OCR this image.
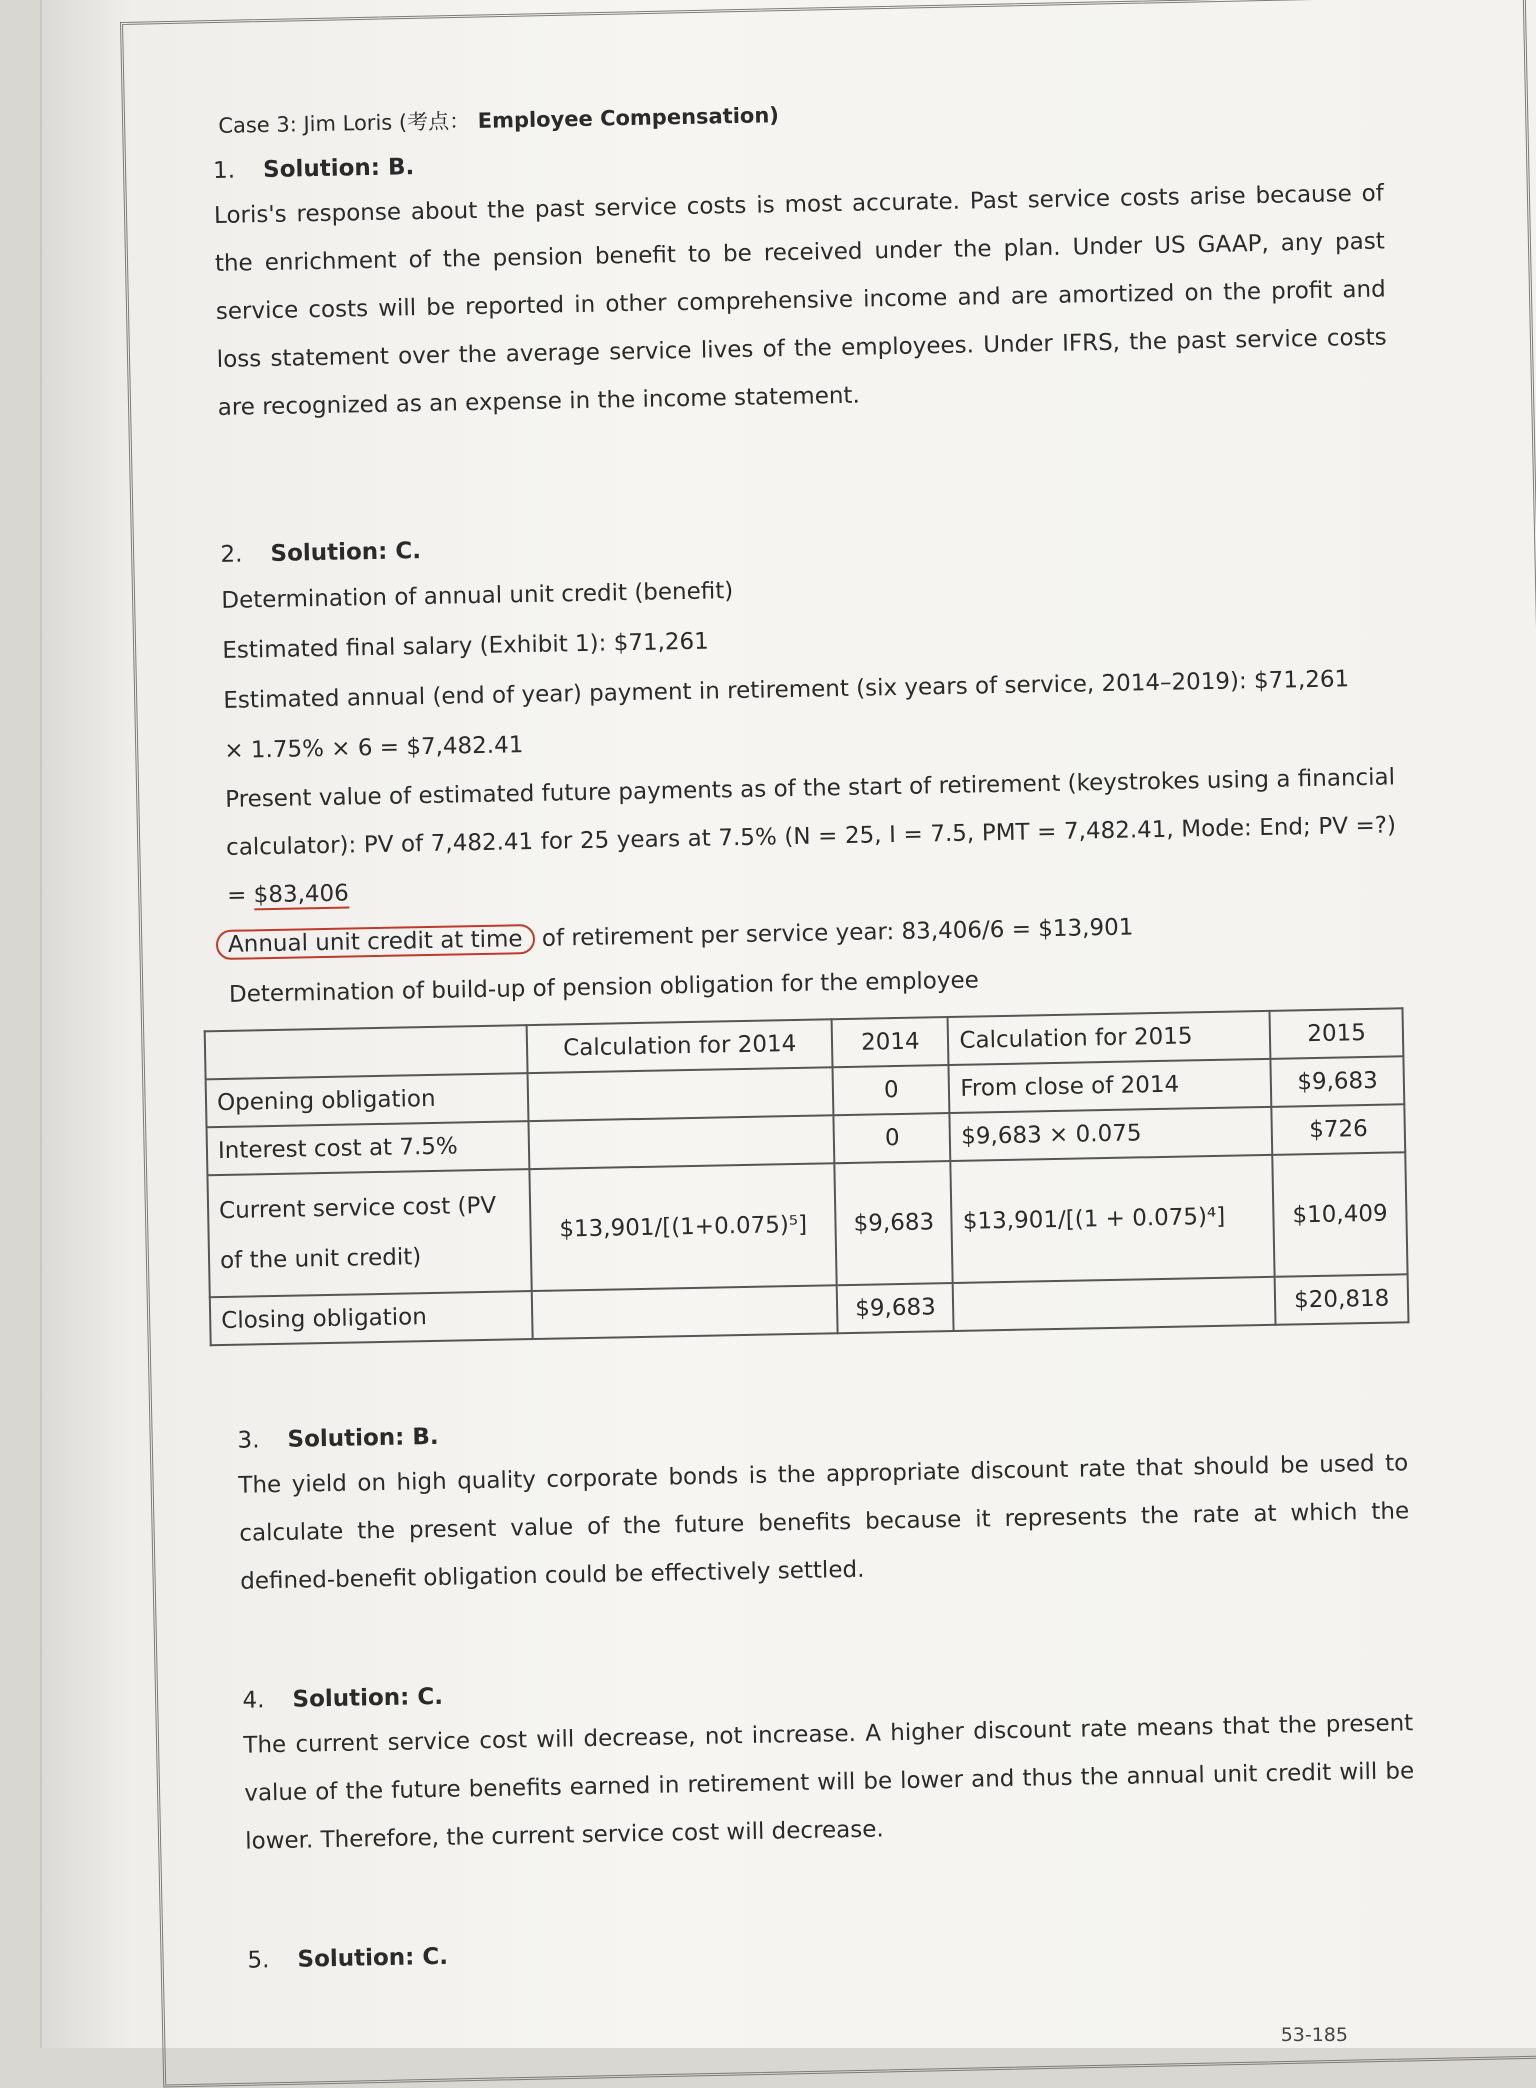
Case 3: Jim Loris (考点： Employee Compensation)
1. Solution: B.

Loris's response about the past service costs is most accurate. Past service costs arise because of the enrichment of the pension benefit to be received under the plan. Under US GAAP, any past service costs will be reported in other comprehensive income and are amortized on the profit and loss statement over the average service lives of the employees. Under IFRS, the past service costs are recognized as an expense in the income statement.

2. Solution: C.
Determination of annual unit credit (benefit)
Estimated final salary (Exhibit 1): $71,261
Estimated annual (end of year) payment in retirement (six years of service, 2014–2019): $71,261
× 1.75% × 6 = $7,482.41

Present value of estimated future payments as of the start of retirement (keystrokes using a financial calculator): PV of 7,482.41 for 25 years at 7.5% (N = 25, I = 7.5, PMT = 7,482.41, Mode: End; PV =?) = $83,406

Annual unit credit at time of retirement per service year: 83,406/6 = $13,901
Determination of build-up of pension obligation for the employee
	Calculation for 2014	2014	Calculation for 2015	2015
Opening obligation		0	From close of 2014	$9,683
Interest cost at 7.5%		0	$9,683 × 0.075	$726
Current service cost (PV of the unit credit)	$13,901/[(1+0.075)⁵]	$9,683	$13,901/[(1 + 0.075)⁴]	$10,409
Closing obligation		$9,683		$20,818
3. Solution: B.

The yield on high quality corporate bonds is the appropriate discount rate that should be used to calculate the present value of the future benefits because it represents the rate at which the defined-benefit obligation could be effectively settled.

4. Solution: C.

The current service cost will decrease, not increase. A higher discount rate means that the present value of the future benefits earned in retirement will be lower and thus the annual unit credit will be lower. Therefore, the current service cost will decrease.

5. Solution: C.
53-185
